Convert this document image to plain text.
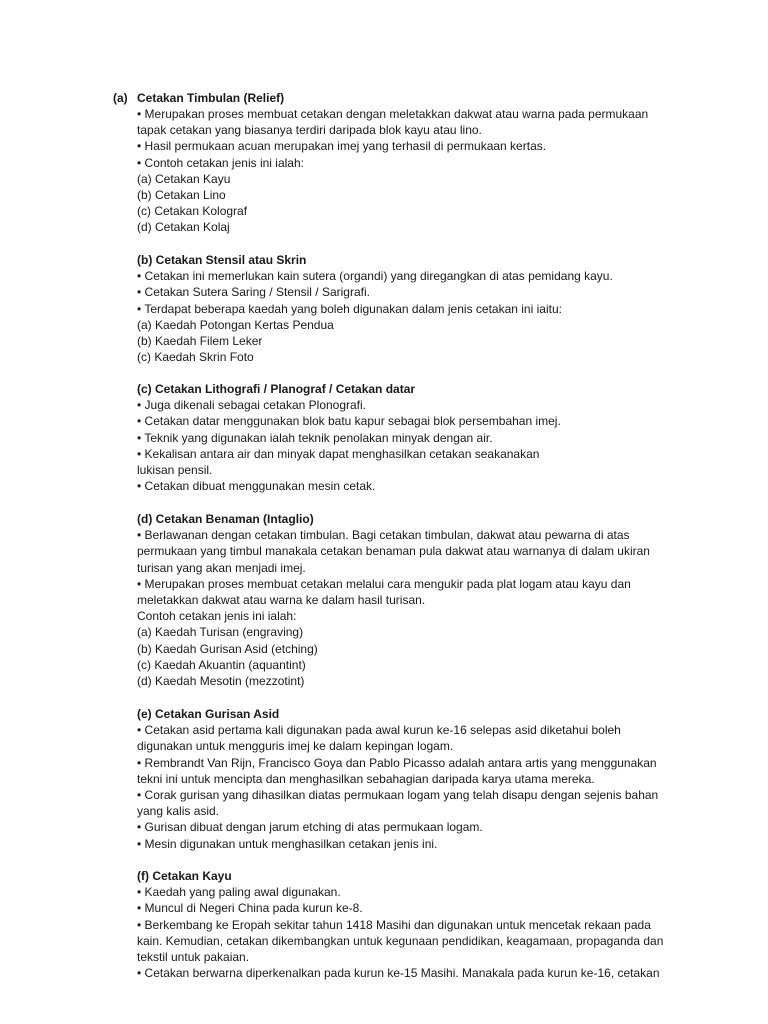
(a) Cetakan Timbulan (Relief)
• Merupakan proses membuat cetakan dengan meletakkan dakwat atau warna pada permukaan
tapak cetakan yang biasanya terdiri daripada blok kayu atau lino.
• Hasil permukaan acuan merupakan imej yang terhasil di permukaan kertas.
• Contoh cetakan jenis ini ialah:
(a) Cetakan Kayu
(b) Cetakan Lino
(c) Cetakan Kolograf
(d) Cetakan Kolaj
(b) Cetakan Stensil atau Skrin
• Cetakan ini memerlukan kain sutera (organdi) yang diregangkan di atas pemidang kayu.
• Cetakan Sutera Saring / Stensil / Sarigrafi.
• Terdapat beberapa kaedah yang boleh digunakan dalam jenis cetakan ini iaitu:
(a) Kaedah Potongan Kertas Pendua
(b) Kaedah Filem Leker
(c) Kaedah Skrin Foto
(c) Cetakan Lithografi / Planograf / Cetakan datar
• Juga dikenali sebagai cetakan Plonografi.
• Cetakan datar menggunakan blok batu kapur sebagai blok persembahan imej.
• Teknik yang digunakan ialah teknik penolakan minyak dengan air.
• Kekalisan antara air dan minyak dapat menghasilkan cetakan seakanakan
lukisan pensil.
• Cetakan dibuat menggunakan mesin cetak.
(d) Cetakan Benaman (Intaglio)
• Berlawanan dengan cetakan timbulan. Bagi cetakan timbulan, dakwat atau pewarna di atas
permukaan yang timbul manakala cetakan benaman pula dakwat atau warnanya di dalam ukiran
turisan yang akan menjadi imej.
• Merupakan proses membuat cetakan melalui cara mengukir pada plat logam atau kayu dan
meletakkan dakwat atau warna ke dalam hasil turisan.
Contoh cetakan jenis ini ialah:
(a) Kaedah Turisan (engraving)
(b) Kaedah Gurisan Asid (etching)
(c) Kaedah Akuantin (aquantint)
(d) Kaedah Mesotin (mezzotint)
(e) Cetakan Gurisan Asid
• Cetakan asid pertama kali digunakan pada awal kurun ke-16 selepas asid diketahui boleh
digunakan untuk mengguris imej ke dalam kepingan logam.
• Rembrandt Van Rijn, Francisco Goya dan Pablo Picasso adalah antara artis yang menggunakan
tekni ini untuk mencipta dan menghasilkan sebahagian daripada karya utama mereka.
• Corak gurisan yang dihasilkan diatas permukaan logam yang telah disapu dengan sejenis bahan
yang kalis asid.
• Gurisan dibuat dengan jarum etching di atas permukaan logam.
• Mesin digunakan untuk menghasilkan cetakan jenis ini.
(f) Cetakan Kayu
• Kaedah yang paling awal digunakan.
• Muncul di Negeri China pada kurun ke-8.
• Berkembang ke Eropah sekitar tahun 1418 Masihi dan digunakan untuk mencetak rekaan pada
kain. Kemudian, cetakan dikembangkan untuk kegunaan pendidikan, keagamaan, propaganda dan
tekstil untuk pakaian.
• Cetakan berwarna diperkenalkan pada kurun ke-15 Masihi. Manakala pada kurun ke-16, cetakan
